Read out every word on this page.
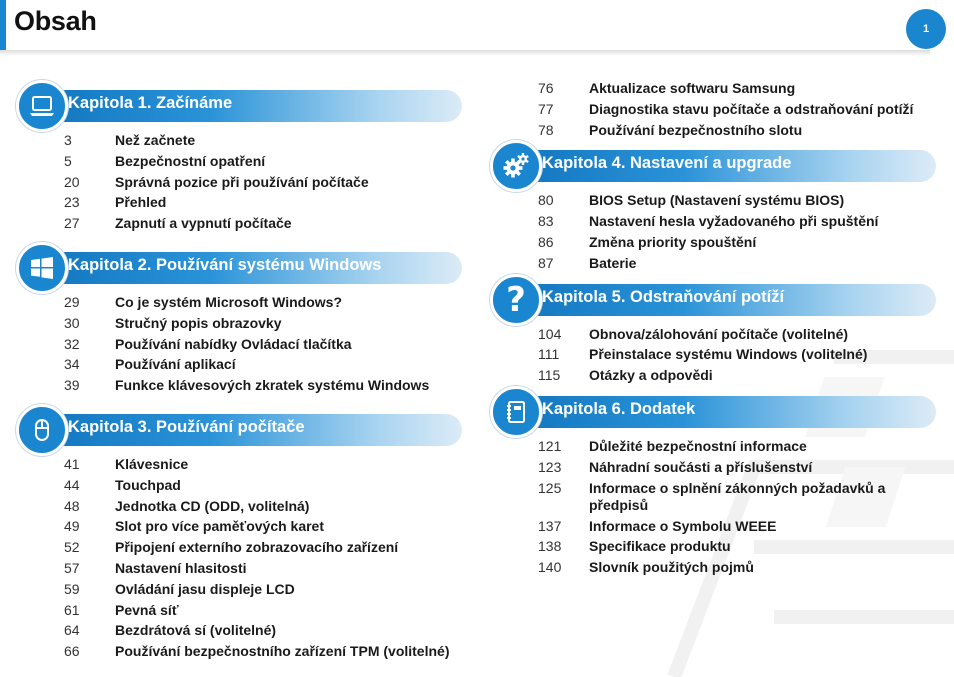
Obsah	1
Kapitola 1. Začínáme
3	Než začnete
5	Bezpečnostní opatření
20	Správná pozice při používání počítače
23	Přehled
27	Zapnutí a vypnutí počítače
Kapitola 2. Používání systému Windows
29	Co je systém Microsoft Windows?
30	Stručný popis obrazovky
32	Používání nabídky Ovládací tlačítka
34	Používání aplikací
39	Funkce klávesových zkratek systému Windows
Kapitola 3. Používání počítače
41	Klávesnice
44	Touchpad
48	Jednotka CD (ODD, volitelná)
49	Slot pro více paměťových karet
52	Připojení externího zobrazovacího zařízení
57	Nastavení hlasitosti
59	Ovládání jasu displeje LCD
61	Pevná síť
64	Bezdrátová sí (volitelné)
66	Používání bezpečnostního zařízení TPM (volitelné)
76	Aktualizace softwaru Samsung
77	Diagnostika stavu počítače a odstraňování potíží
78	Používání bezpečnostního slotu
Kapitola 4. Nastavení a upgrade
80	BIOS Setup (Nastavení systému BIOS)
83	Nastavení hesla vyžadovaného při spuštění
86	Změna priority spouštění
87	Baterie
? Kapitola 5. Odstraňování potíží
104	Obnova/zálohování počítače (volitelné)
111	Přeinstalace systému Windows (volitelné)
115	Otázky a odpovědi
Kapitola 6. Dodatek
121	Důležité bezpečnostní informace
123	Náhradní součásti a příslušenství
125	Informace o splnění zákonných požadavků a předpisů
137	Informace o Symbolu WEEE
138	Specifikace produktu
140	Slovník použitých pojmů
